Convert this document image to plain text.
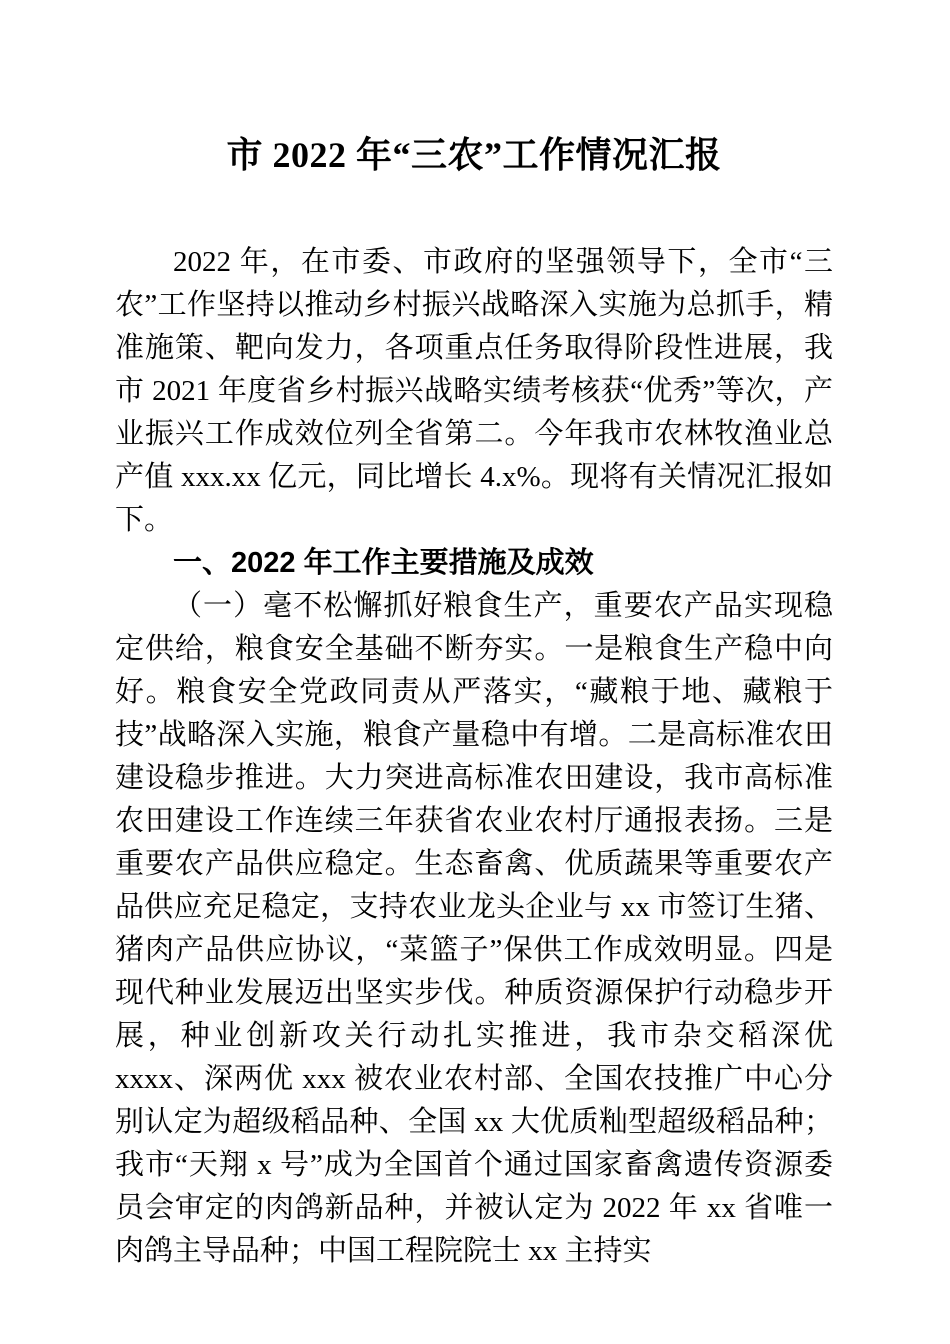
市 2022 年“三农”工作情况汇报

2022 年，在市委、市政府的坚强领导下，全市“三农”工作坚持以推动乡村振兴战略深入实施为总抓手，精准施策、靶向发力，各项重点任务取得阶段性进展，我市 2021 年度省乡村振兴战略实绩考核获“优秀”等次，产业振兴工作成效位列全省第二。今年我市农林牧渔业总产值 xxx.xx 亿元，同比增长 4.x%。现将有关情况汇报如下。

一、2022 年工作主要措施及成效

（一）毫不松懈抓好粮食生产，重要农产品实现稳定供给，粮食安全基础不断夯实。一是粮食生产稳中向好。粮食安全党政同责从严落实，“藏粮于地、藏粮于技”战略深入实施，粮食产量稳中有增。二是高标准农田建设稳步推进。大力突进高标准农田建设，我市高标准农田建设工作连续三年获省农业农村厅通报表扬。三是重要农产品供应稳定。生态畜禽、优质蔬果等重要农产品供应充足稳定，支持农业龙头企业与 xx 市签订生猪、猪肉产品供应协议，“菜篮子”保供工作成效明显。四是现代种业发展迈出坚实步伐。种质资源保护行动稳步开展，种业创新攻关行动扎实推进，我市杂交稻深优 xxxx、深两优 xxx 被农业农村部、全国农技推广中心分别认定为超级稻品种、全国 xx 大优质籼型超级稻品种；我市“天翔 x 号”成为全国首个通过国家畜禽遗传资源委员会审定的肉鸽新品种，并被认定为 2022 年 xx 省唯一肉鸽主导品种；中国工程院院士 xx 主持实
